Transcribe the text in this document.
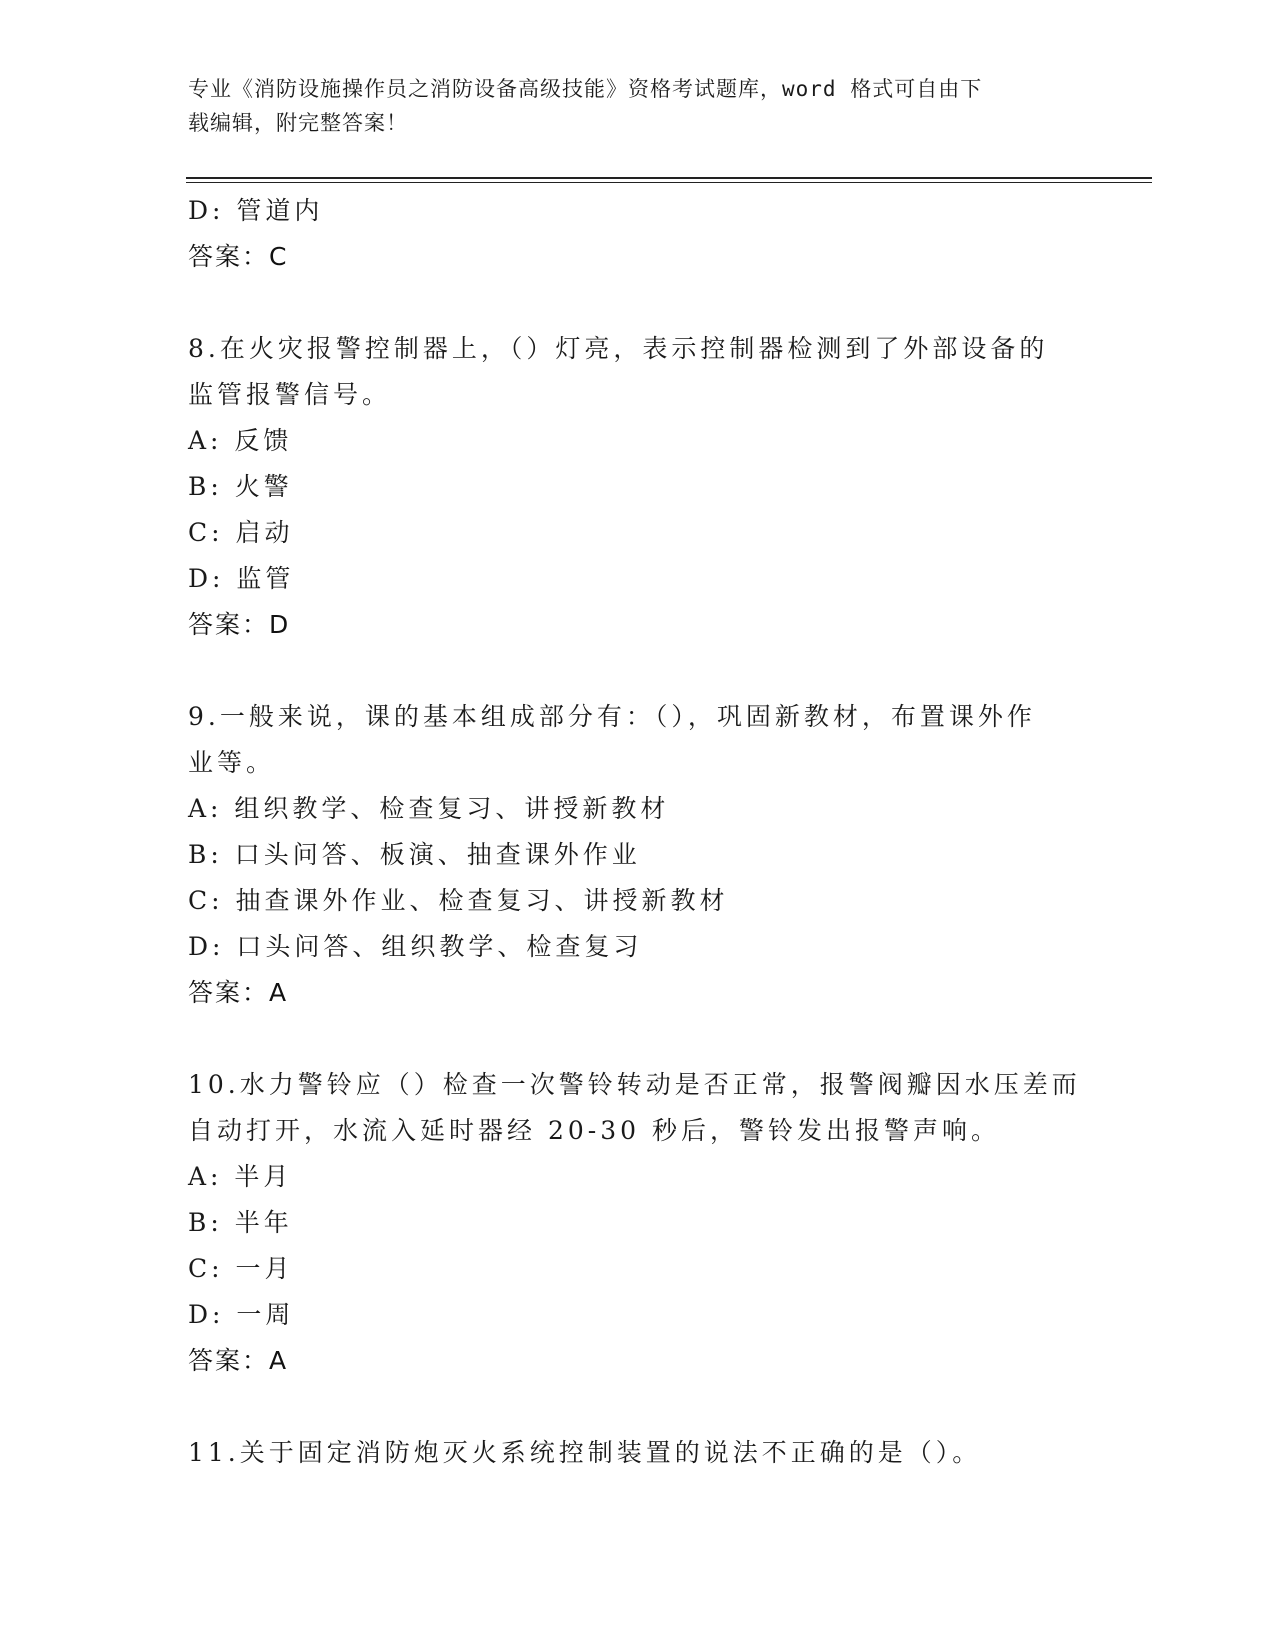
专业《消防设施操作员之消防设备高级技能》资格考试题库，word 格式可自由下
载编辑，附完整答案！
D: 管道内
答案：C
8.在火灾报警控制器上，（）灯亮，表示控制器检测到了外部设备的
监管报警信号。
A: 反馈
B: 火警
C: 启动
D: 监管
答案：D
9.一般来说，课的基本组成部分有：（），巩固新教材，布置课外作
业等。
A: 组织教学、检查复习、讲授新教材
B: 口头问答、板演、抽查课外作业
C: 抽查课外作业、检查复习、讲授新教材
D: 口头问答、组织教学、检查复习
答案：A
10.水力警铃应（）检查一次警铃转动是否正常，报警阀瓣因水压差而
自动打开，水流入延时器经 20-30 秒后，警铃发出报警声响。
A: 半月
B: 半年
C: 一月
D: 一周
答案：A
11.关于固定消防炮灭火系统控制装置的说法不正确的是（）。
